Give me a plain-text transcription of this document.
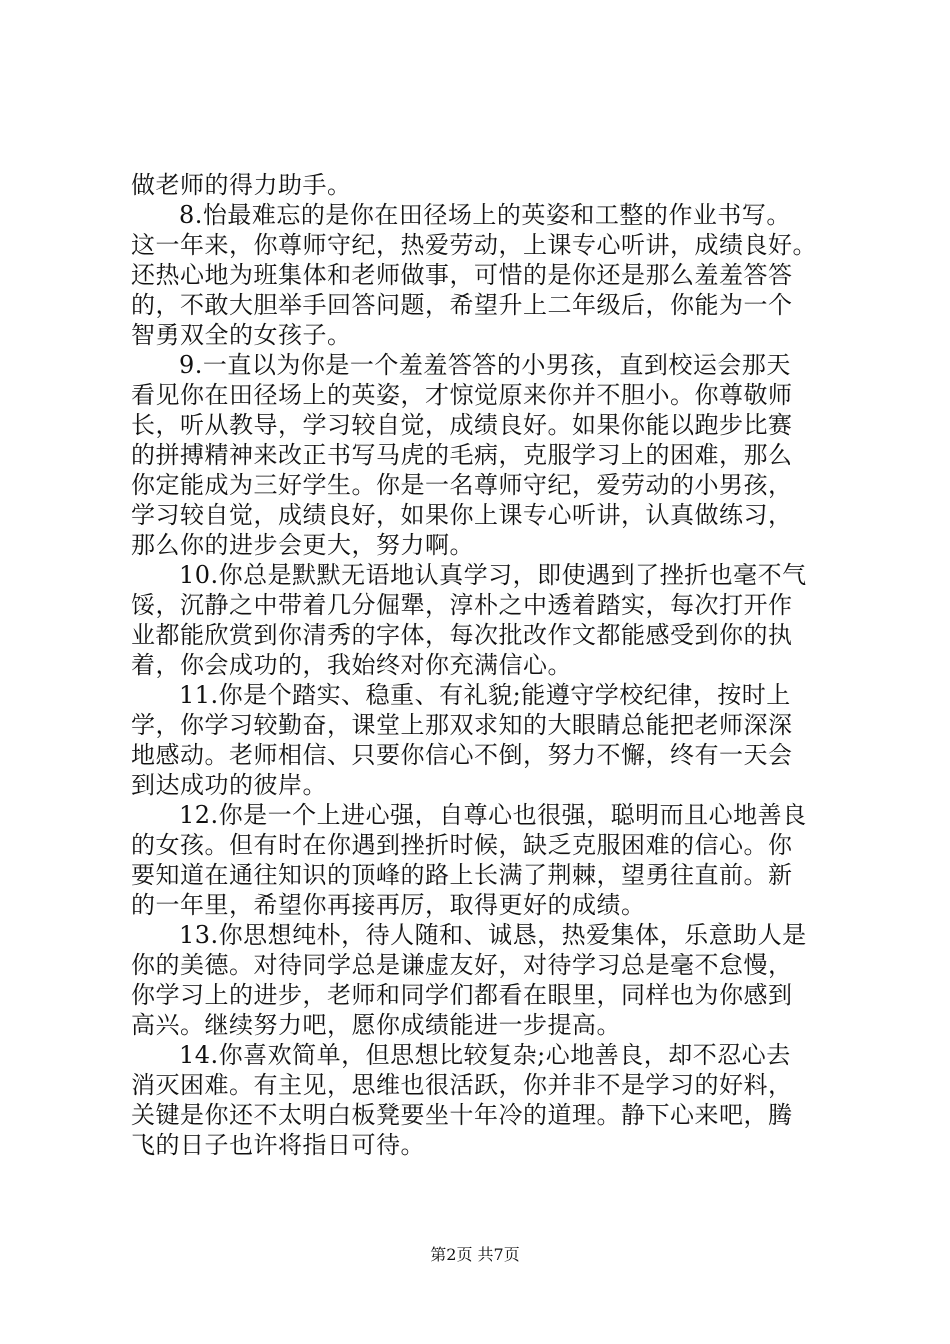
做老师的得力助手。
8.怡最难忘的是你在田径场上的英姿和工整的作业书写。
这一年来，你尊师守纪，热爱劳动，上课专心听讲，成绩良好。
还热心地为班集体和老师做事，可惜的是你还是那么羞羞答答
的，不敢大胆举手回答问题，希望升上二年级后，你能为一个
智勇双全的女孩子。
9.一直以为你是一个羞羞答答的小男孩，直到校运会那天
看见你在田径场上的英姿，才惊觉原来你并不胆小。你尊敬师
长，听从教导，学习较自觉，成绩良好。如果你能以跑步比赛
的拼搏精神来改正书写马虎的毛病，克服学习上的困难，那么
你定能成为三好学生。你是一名尊师守纪，爱劳动的小男孩，
学习较自觉，成绩良好，如果你上课专心听讲，认真做练习，
那么你的进步会更大，努力啊。
10.你总是默默无语地认真学习，即使遇到了挫折也毫不气
馁，沉静之中带着几分倔犟，淳朴之中透着踏实，每次打开作
业都能欣赏到你清秀的字体，每次批改作文都能感受到你的执
着，你会成功的，我始终对你充满信心。
11.你是个踏实、稳重、有礼貌;能遵守学校纪律，按时上
学，你学习较勤奋，课堂上那双求知的大眼睛总能把老师深深
地感动。老师相信、只要你信心不倒，努力不懈，终有一天会
到达成功的彼岸。
12.你是一个上进心强，自尊心也很强，聪明而且心地善良
的女孩。但有时在你遇到挫折时候，缺乏克服困难的信心。你
要知道在通往知识的顶峰的路上长满了荆棘，望勇往直前。新
的一年里，希望你再接再厉，取得更好的成绩。
13.你思想纯朴，待人随和、诚恳，热爱集体，乐意助人是
你的美德。对待同学总是谦虚友好，对待学习总是毫不怠慢，
你学习上的进步，老师和同学们都看在眼里，同样也为你感到
高兴。继续努力吧，愿你成绩能进一步提高。
14.你喜欢简单，但思想比较复杂;心地善良，却不忍心去
消灭困难。有主见，思维也很活跃，你并非不是学习的好料，
关键是你还不太明白板凳要坐十年冷的道理。静下心来吧，腾
飞的日子也许将指日可待。
第2页 共7页
